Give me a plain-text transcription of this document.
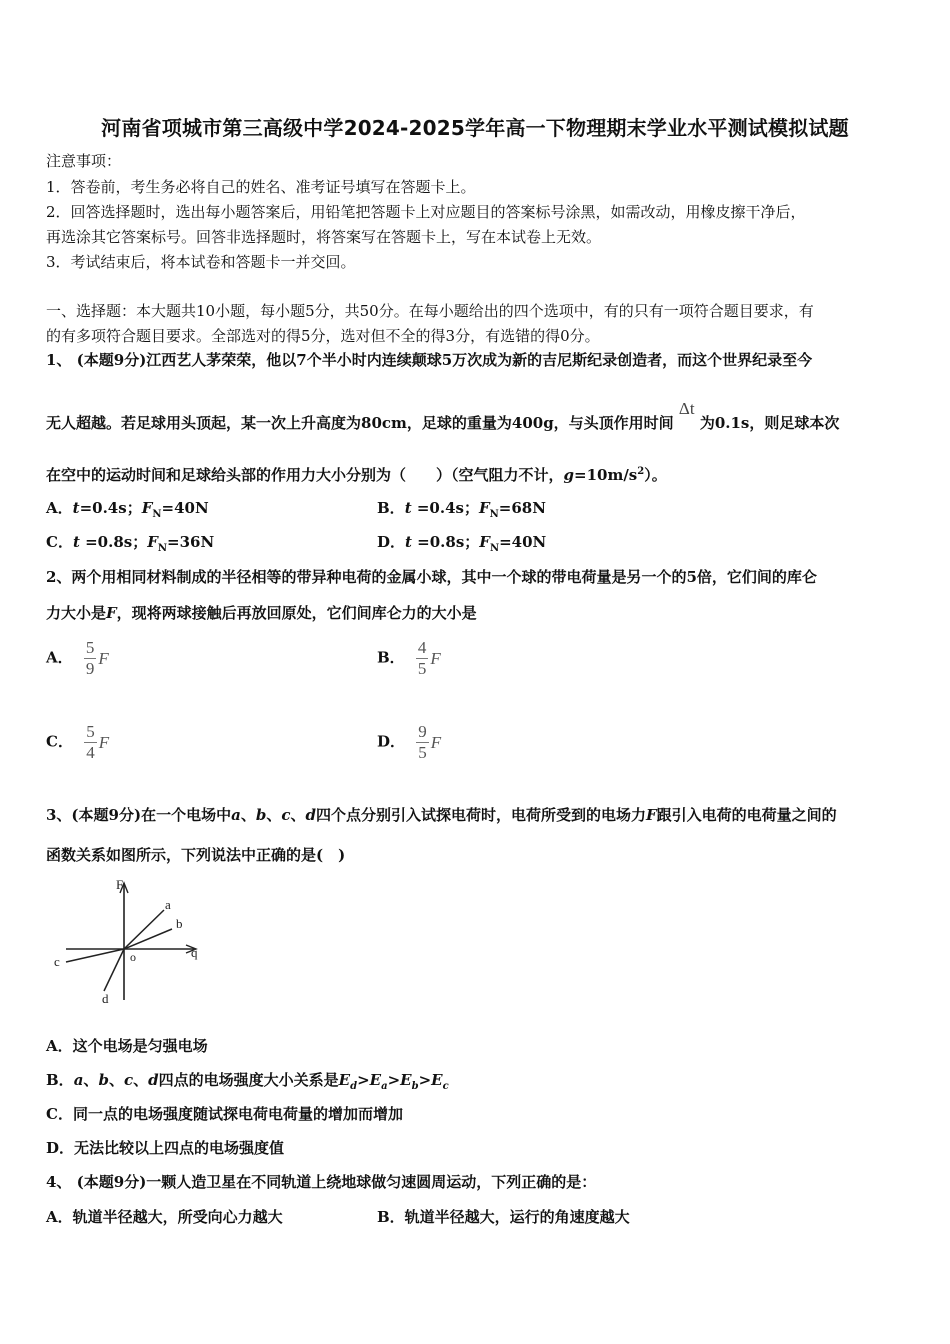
河南省项城市第三高级中学2024-2025学年高一下物理期末学业水平测试模拟试题
注意事项：
1．答卷前，考生务必将自己的姓名、准考证号填写在答题卡上。
2．回答选择题时，选出每小题答案后，用铅笔把答题卡上对应题目的答案标号涂黑，如需改动，用橡皮擦干净后，
再选涂其它答案标号。回答非选择题时，将答案写在答题卡上，写在本试卷上无效。
3．考试结束后，将本试卷和答题卡一并交回。
一、选择题：本大题共10小题，每小题5分，共50分。在每小题给出的四个选项中，有的只有一项符合题目要求，有
的有多项符合题目要求。全部选对的得5分，选对但不全的得3分，有选错的得0分。
1、 (本题9分)江西艺人茅荣荣，他以7个半小时内连续颠球5万次成为新的吉尼斯纪录创造者，而这个世界纪录至今
无人超越。若足球用头顶起，某一次上升高度为80cm，足球的重量为400g，与头顶作用时间 Δt 为0.1s，则足球本次
在空中的运动时间和足球给头部的作用力大小分别为（　　）（空气阻力不计，$g=10m/s^2$）。
A．t=0.4s；$F_N=40N$	B．t =0.4s；$F_N=68N$
C．t =0.8s；$F_N=36N$	D．t =0.8s；$F_N=40N$
2、两个用相同材料制成的半径相等的带异种电荷的金属小球，其中一个球的带电荷量是另一个的5倍，它们间的库仑
力大小是F，现将两球接触后再放回原处，它们间库仑力的大小是
A． $\frac{5}{9}$ F	B． $\frac{4}{5}$ F
C． $\frac{5}{4}$ F	D． $\frac{9}{5}$ F
3、(本题9分)在一个电场中a、b、c、d四个点分别引入试探电荷时，电荷所受到的电场力F跟引入电荷的电荷量之间的
函数关系如图所示，下列说法中正确的是(　)
F
q
o
a
b
c
d
A．这个电场是匀强电场
B．a、b、c、d四点的电场强度大小关系是$E_d>E_a>E_b>E_c$
C．同一点的电场强度随试探电荷电荷量的增加而增加
D．无法比较以上四点的电场强度值
4、 (本题9分)一颗人造卫星在不同轨道上绕地球做匀速圆周运动，下列正确的是：
A．轨道半径越大，所受向心力越大	B．轨道半径越大，运行的角速度越大
